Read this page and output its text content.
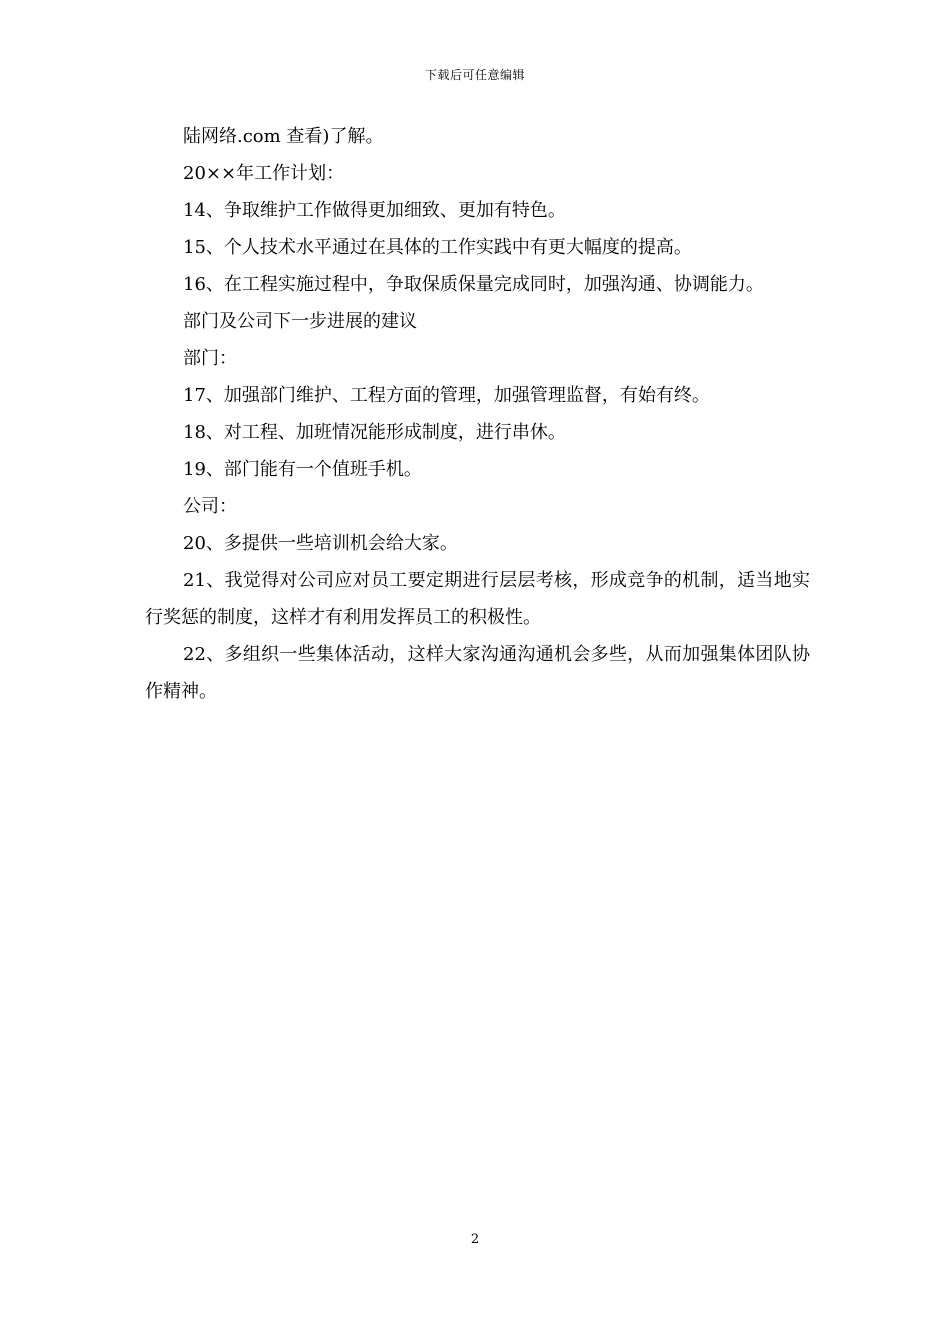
下载后可任意编辑

陆网络.com 查看)了解。

20××年工作计划：

14、争取维护工作做得更加细致、更加有特色。

15、个人技术水平通过在具体的工作实践中有更大幅度的提高。

16、在工程实施过程中，争取保质保量完成同时，加强沟通、协调能力。

部门及公司下一步进展的建议

部门：

17、加强部门维护、工程方面的管理，加强管理监督，有始有终。

18、对工程、加班情况能形成制度，进行串休。

19、部门能有一个值班手机。

公司：

20、多提供一些培训机会给大家。

21、我觉得对公司应对员工要定期进行层层考核，形成竞争的机制，适当地实行奖惩的制度，这样才有利用发挥员工的积极性。

22、多组织一些集体活动，这样大家沟通沟通机会多些，从而加强集体团队协作精神。

2
